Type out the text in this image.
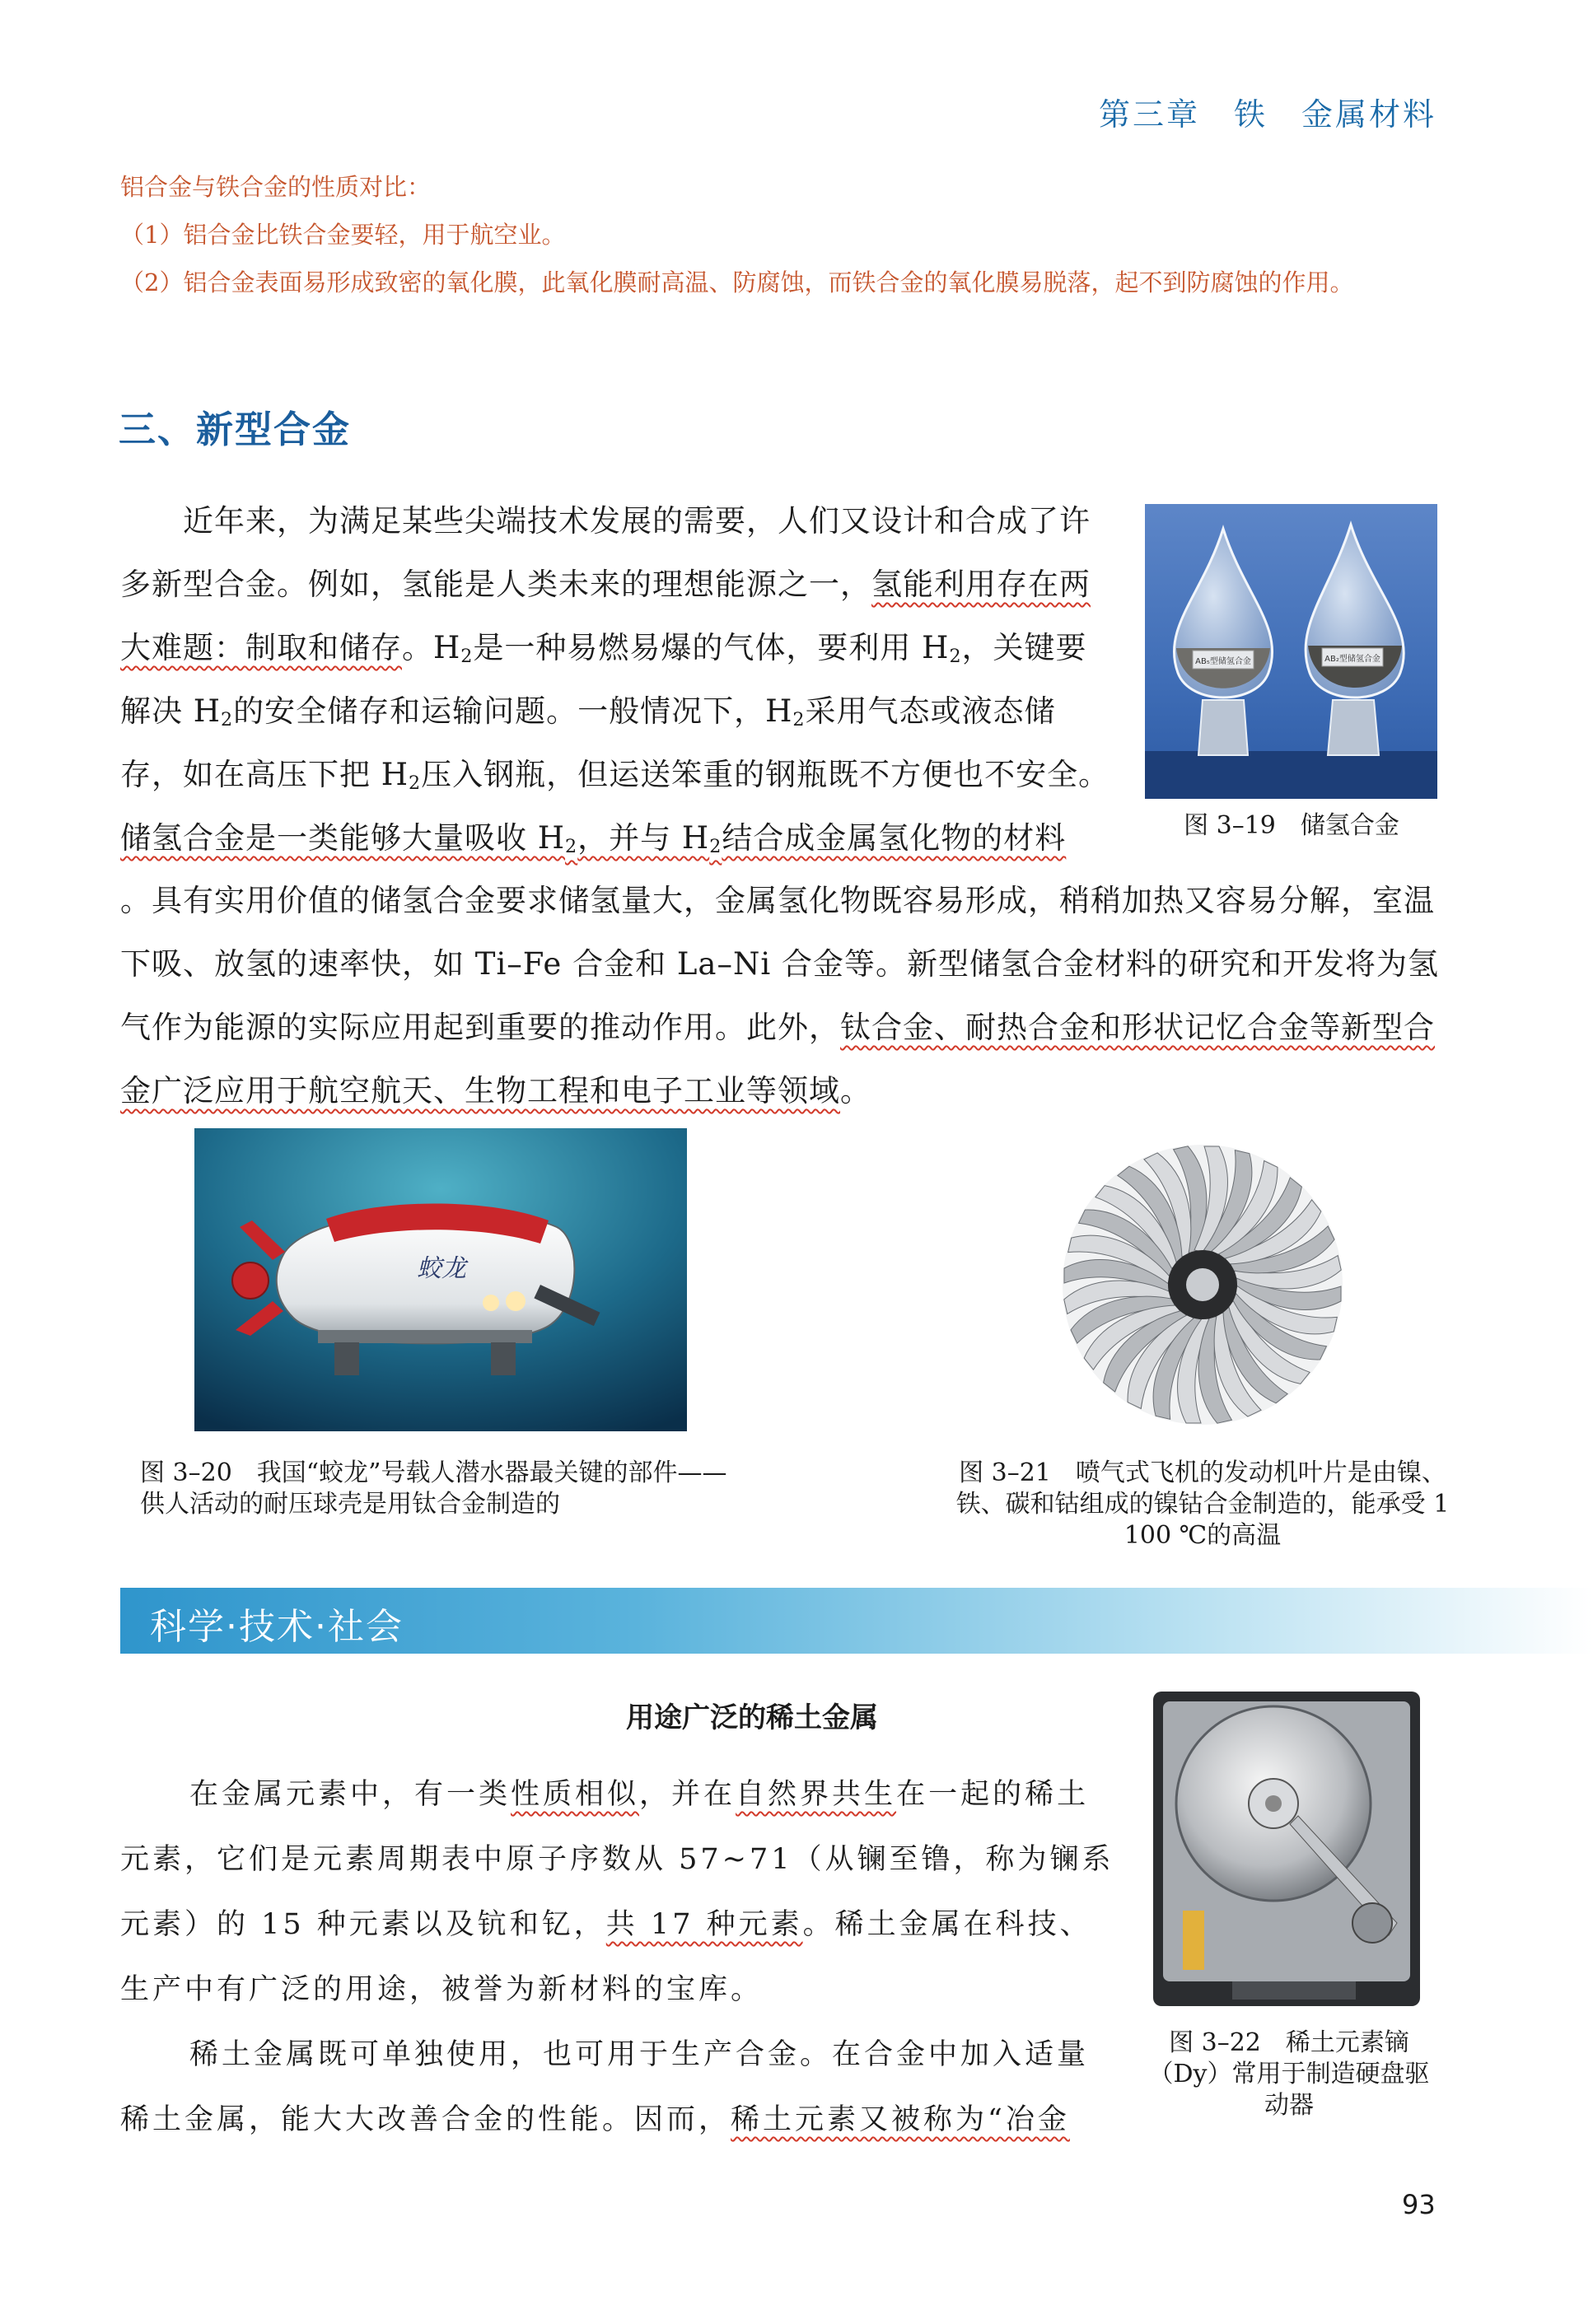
第三章　铁　金属材料
铝合金与铁合金的性质对比：
（1）铝合金比铁合金要轻，用于航空业。
（2）铝合金表面易形成致密的氧化膜，此氧化膜耐高温、防腐蚀，而铁合金的氧化膜易脱落，起不到防腐蚀的作用。
三、新型合金
AB₅型储氢合金	AB₂型储氢合金
图 3–19　储氢合金
近年来，为满足某些尖端技术发展的需要，人们又设计和合成了许多新型合金。例如，氢能是人类未来的理想能源之一，氢能利用存在两大难题：制取和储存。$H_2$是一种易燃易爆的气体，要利用 $H_2$，关键要解决 $H_2$的安全储存和运输问题。一般情况下，$H_2$采用气态或液态储存，如在高压下把 $H_2$压入钢瓶，但运送笨重的钢瓶既不方便也不安全。储氢合金是一类能够大量吸收 $H_2$，并与 $H_2$结合成金属氢化物的材料
。具有实用价值的储氢合金要求储氢量大，金属氢化物既容易形成，稍稍加热又容易分解，室温下吸、放氢的速率快，如 Ti–Fe 合金和 La–Ni 合金等。新型储氢合金材料的研究和开发将为氢气作为能源的实际应用起到重要的推动作用。此外，钛合金、耐热合金和形状记忆合金等新型合金广泛应用于航空航天、生物工程和电子工业等领域。
蛟龙
图 3–20　我国“蛟龙”号载人潜水器最关键的部件——供人活动的耐压球壳是用钛合金制造的
图 3–21　喷气式飞机的发动机叶片是由镍、铁、碳和钴组成的镍钴合金制造的，能承受 1 100 ℃的高温
科学·技术·社会
用途广泛的稀土金属
在金属元素中，有一类性质相似，并在自然界共生在一起的稀土元素，它们是元素周期表中原子序数从 57~71（从镧至镥，称为镧系元素）的 15 种元素以及钪和钇，共 17 种元素。稀土金属在科技、生产中有广泛的用途，被誉为新材料的宝库。
稀土金属既可单独使用，也可用于生产合金。在合金中加入适量稀土金属，能大大改善合金的性能。因而，稀土元素又被称为“冶金
图 3–22　稀土元素镝（Dy）常用于制造硬盘驱动器
93
